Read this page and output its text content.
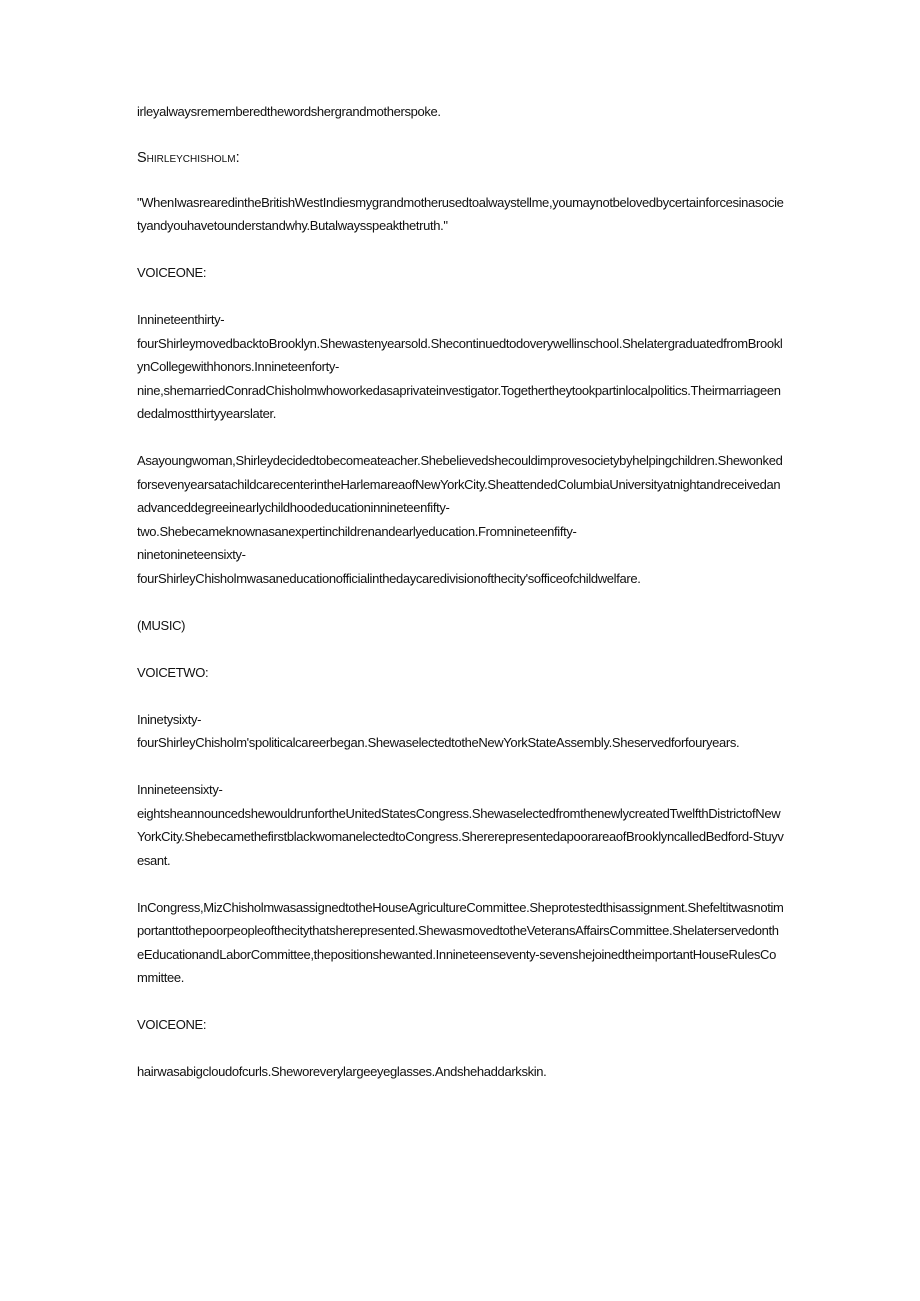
irleyalwaysrememberedthewordshergrandmotherspoke.

Shirleychisholm:

"WhenIwasrearedintheBritishWestIndiesmygrandmotherusedtoalwaystellme,youmaynotbelovedbycertainforcesinasocietyandyouhavetounderstandwhy.Butalwaysspeakthetruth."

VOICEONE:

Innineteenthirty-
fourShirleymovedbacktoBrooklyn.Shewastenyearsold.Shecontinuedtodoverywellinschool.ShelatergraduatedfromBrooklynCollegewithhonors.Innineteenforty-
nine,shemarriedConradChisholmwhoworkedasaprivateinvestigator.Togethertheytookpartinlocalpolitics.Theirmarriageendedalmostthirtyyearslater.

Asayoungwoman,Shirleydecidedtobecomeateacher.Shebelievedshecouldimprovesocietybyhelpingchildren.ShewonkedforsevenyearsatachildcarecenterintheHarlemareaofNewYorkCity.SheattendedColumbiaUniversityatnightandreceivedanadvanceddegreeinearlychildhoodeducationinnineteenfifty-
two.Shebecameknownasanexpertinchildrenandearlyeducation.Fromnineteenfifty-
ninetonineteensixty-
fourShirleyChisholmwasaneducationofficialinthedaycaredivisionofthecity'sofficeofchildwelfare.

(MUSIC)

VOICETWO:

Ininetysixty-
fourShirleyChisholm'spoliticalcareerbegan.ShewaselectedtotheNewYorkStateAssembly.Sheservedforfouryears.

Innineteensixty-
eightsheannouncedshewouldrunfortheUnitedStatesCongress.ShewaselectedfromthenewlycreatedTwelfthDistrictofNewYorkCity.ShebecamethefirstblackwomanelectedtoCongress.ShererepresentedapoorareaofBrooklyncalledBedford-Stuyvesant.

InCongress,MizChisholmwasassignedtotheHouseAgricultureCommittee.Sheprotestedthisassignment.Shefeltitwasnotimportanttothepoorpeopleofthecitythatsherepresented.ShewasmovedtotheVeteransAffairsCommittee.ShelaterservedontheEducationandLaborCommittee,thepositionshewanted.Innineteenseventy-sevenshejoinedtheimportantHouseRulesCommittee.

VOICEONE:

hairwasabigcloudofcurls.Sheworeverylargeeyeglasses.Andshehaddarkskin.
